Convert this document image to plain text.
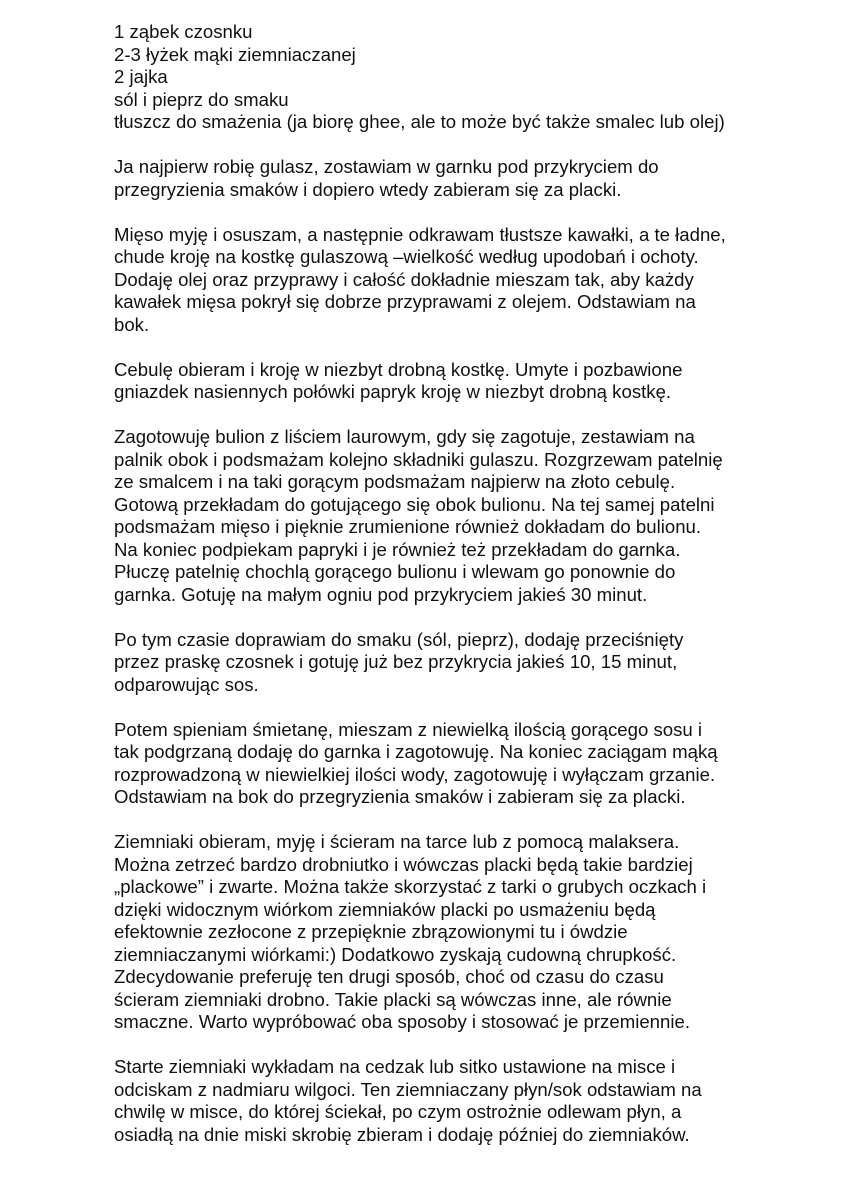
1 ząbek czosnku
2-3 łyżek mąki ziemniaczanej
2 jajka
sól i pieprz do smaku
tłuszcz do smażenia (ja biorę ghee, ale to może być także smalec lub olej)
Ja najpierw robię gulasz, zostawiam w garnku pod przykryciem do
przegryzienia smaków i dopiero wtedy zabieram się za placki.
Mięso myję i osuszam, a następnie odkrawam tłustsze kawałki, a te ładne,
chude kroję na kostkę gulaszową –wielkość według upodobań i ochoty.
Dodaję olej oraz przyprawy i całość dokładnie mieszam tak, aby każdy
kawałek mięsa pokrył się dobrze przyprawami z olejem. Odstawiam na
bok.
Cebulę obieram i kroję w niezbyt drobną kostkę. Umyte i pozbawione
gniazdek nasiennych połówki papryk kroję w niezbyt drobną kostkę.
Zagotowuję bulion z liściem laurowym, gdy się zagotuje, zestawiam na
palnik obok i podsmażam kolejno składniki gulaszu. Rozgrzewam patelnię
ze smalcem i na taki gorącym podsmażam najpierw na złoto cebulę.
Gotową przekładam do gotującego się obok bulionu. Na tej samej patelni
podsmażam mięso i pięknie zrumienione również dokładam do bulionu.
Na koniec podpiekam papryki i je również też przekładam do garnka.
Płuczę patelnię chochlą gorącego bulionu i wlewam go ponownie do
garnka. Gotuję na małym ogniu pod przykryciem jakieś 30 minut.
Po tym czasie doprawiam do smaku (sól, pieprz), dodaję przeciśnięty
przez praskę czosnek i gotuję już bez przykrycia jakieś 10, 15 minut,
odparowując sos.
Potem spieniam śmietanę, mieszam z niewielką ilością gorącego sosu i
tak podgrzaną dodaję do garnka i zagotowuję. Na koniec zaciągam mąką
rozprowadzoną w niewielkiej ilości wody, zagotowuję i wyłączam grzanie.
Odstawiam na bok do przegryzienia smaków i zabieram się za placki.
Ziemniaki obieram, myję i ścieram na tarce lub z pomocą malaksera.
Można zetrzeć bardzo drobniutko i wówczas placki będą takie bardziej
„plackowe” i zwarte. Można także skorzystać z tarki o grubych oczkach i
dzięki widocznym wiórkom ziemniaków placki po usmażeniu będą
efektownie zezłocone z przepięknie zbrązowionymi tu i ówdzie
ziemniaczanymi wiórkami:) Dodatkowo zyskają cudowną chrupkość.
Zdecydowanie preferuję ten drugi sposób, choć od czasu do czasu
ścieram ziemniaki drobno. Takie placki są wówczas inne, ale równie
smaczne. Warto wypróbować oba sposoby i stosować je przemiennie.
Starte ziemniaki wykładam na cedzak lub sitko ustawione na misce i
odciskam z nadmiaru wilgoci. Ten ziemniaczany płyn/sok odstawiam na
chwilę w misce, do której ściekał, po czym ostrożnie odlewam płyn, a
osiadłą na dnie miski skrobię zbieram i dodaję później do ziemniaków.
